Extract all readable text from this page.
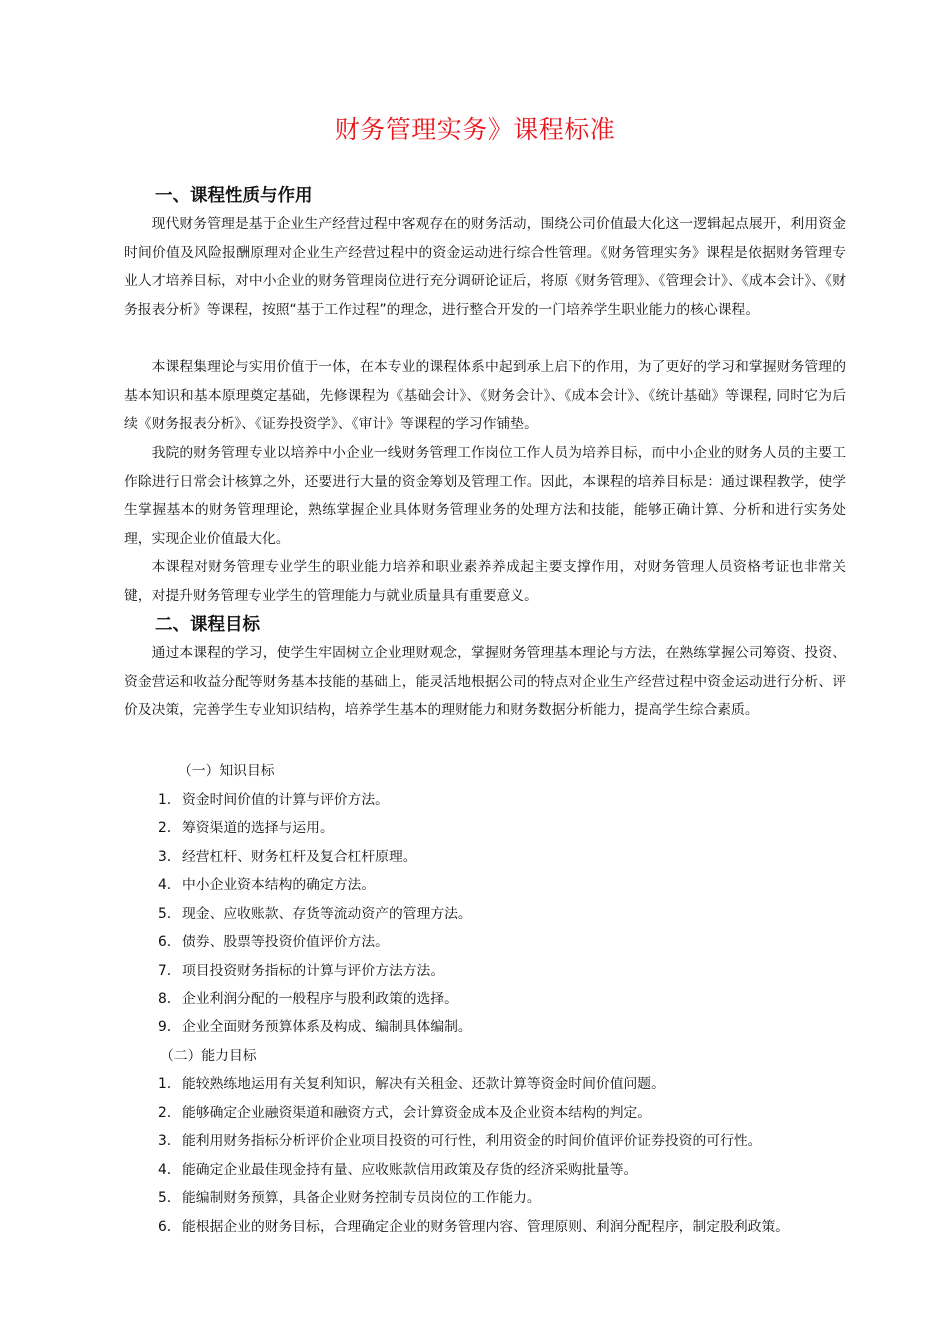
财务管理实务》课程标准
一、课程性质与作用
现代财务管理是基于企业生产经营过程中客观存在的财务活动，围绕公司价值最大化这一逻辑起点展开，利用资金时间价值及风险报酬原理对企业生产经营过程中的资金运动进行综合性管理。《财务管理实务》课程是依据财务管理专业人才培养目标，对中小企业的财务管理岗位进行充分调研论证后，将原《财务管理》、《管理会计》、《成本会计》、《财务报表分析》等课程，按照“基于工作过程”的理念，进行整合开发的一门培养学生职业能力的核心课程。
本课程集理论与实用价值于一体，在本专业的课程体系中起到承上启下的作用，为了更好的学习和掌握财务管理的基本知识和基本原理奠定基础，先修课程为《基础会计》、《财务会计》、《成本会计》、《统计基础》等课程, 同时它为后续《财务报表分析》、《证券投资学》、《审计》等课程的学习作铺垫。
我院的财务管理专业以培养中小企业一线财务管理工作岗位工作人员为培养目标，而中小企业的财务人员的主要工作除进行日常会计核算之外，还要进行大量的资金筹划及管理工作。因此，本课程的培养目标是：通过课程教学，使学生掌握基本的财务管理理论，熟练掌握企业具体财务管理业务的处理方法和技能，能够正确计算、分析和进行实务处理，实现企业价值最大化。
本课程对财务管理专业学生的职业能力培养和职业素养养成起主要支撑作用，对财务管理人员资格考证也非常关键，对提升财务管理专业学生的管理能力与就业质量具有重要意义。
二、课程目标
通过本课程的学习，使学生牢固树立企业理财观念，掌握财务管理基本理论与方法，在熟练掌握公司筹资、投资、资金营运和收益分配等财务基本技能的基础上，能灵活地根据公司的特点对企业生产经营过程中资金运动进行分析、评价及决策，完善学生专业知识结构，培养学生基本的理财能力和财务数据分析能力，提高学生综合素质。
（一）知识目标
1. 资金时间价值的计算与评价方法。
2. 筹资渠道的选择与运用。
3. 经营杠杆、财务杠杆及复合杠杆原理。
4. 中小企业资本结构的确定方法。
5. 现金、应收账款、存货等流动资产的管理方法。
6. 债券、股票等投资价值评价方法。
7. 项目投资财务指标的计算与评价方法方法。
8. 企业利润分配的一般程序与股利政策的选择。
9. 企业全面财务预算体系及构成、编制具体编制。
（二）能力目标
1. 能较熟练地运用有关复利知识，解决有关租金、还款计算等资金时间价值问题。
2. 能够确定企业融资渠道和融资方式，会计算资金成本及企业资本结构的判定。
3. 能利用财务指标分析评价企业项目投资的可行性，利用资金的时间价值评价证券投资的可行性。
4. 能确定企业最佳现金持有量、应收账款信用政策及存货的经济采购批量等。
5. 能编制财务预算，具备企业财务控制专员岗位的工作能力。
6. 能根据企业的财务目标，合理确定企业的财务管理内容、管理原则、利润分配程序，制定股利政策。
